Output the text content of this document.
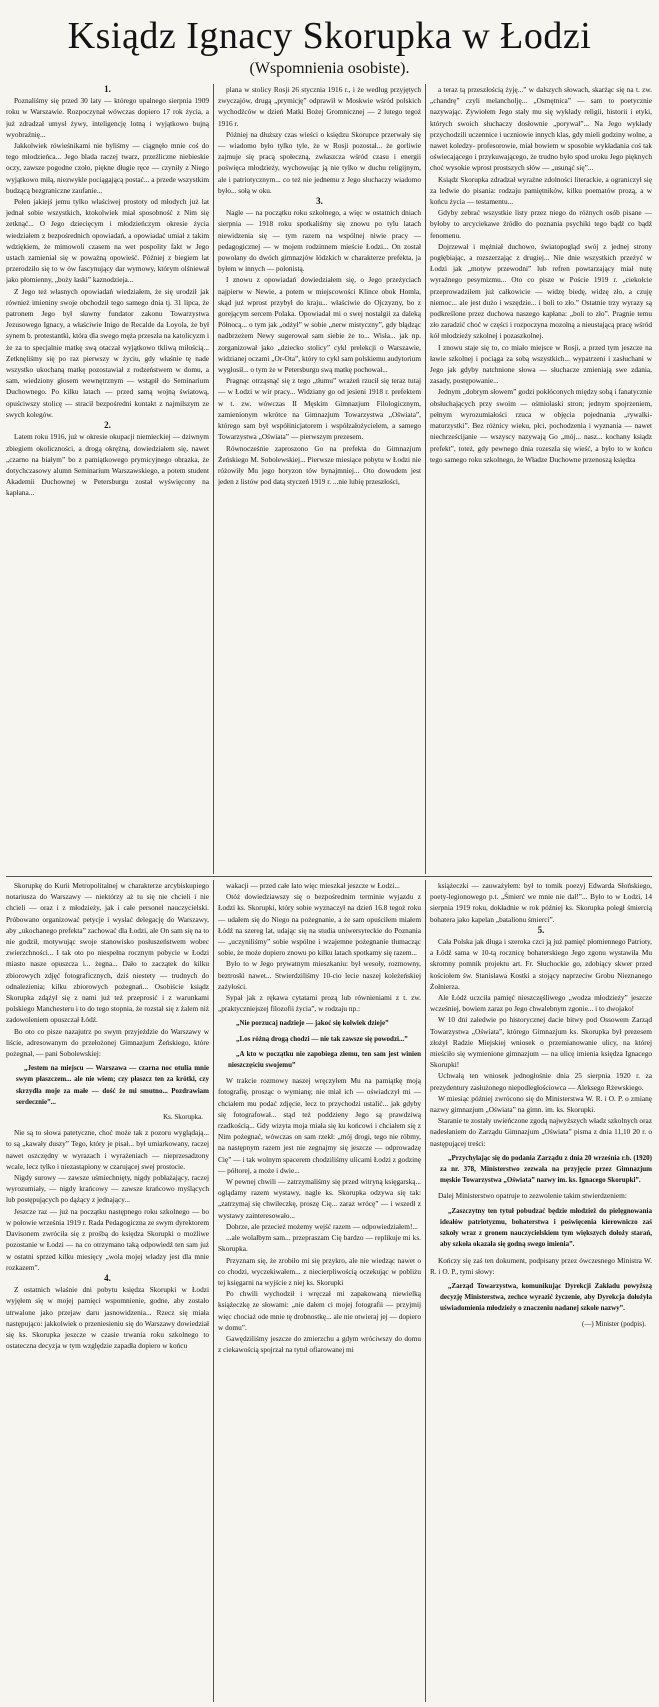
Ksiądz Ignacy Skorupka w Łodzi
(Wspomnienia osobiste).

1.

Poznaliśmy się przed 30 laty — którego upalnego sierpnia 1909 roku w Warszawie. Rozpoczynał wówczas dopiero 17 rok życia, a już zdradzał umysł żywy, inteligencję lotną i wyjątkowo bujną wyobraźnię...

Jakkolwiek rówieśnikami nie byliśmy — ciągnęło mnie coś do tego młodzieńca... Jego blada raczej twarz, przeźliczne niebieskie oczy, zawsze pogodne czoło, piękne długie ręce — czyniły z Niego wyjątkowo miłą, niezwykle pociągającą postać... a przede wszystkim budzącą bezgraniczne zaufanie...

Pełen jakiejś jemu tylko właściwej prostoty od młodych już lat jednał sobie wszystkich, ktokolwiek miał sposobność z Nim się zetknąć... O Jego dziecięcym i młodzieńczym okresie życia wiedziałem z bezpośrednich opowiadań, a opowiadać umiał z takim wdziękiem, że mimowoli czasem na wet pospolity fakt w Jego ustach zamieniał się w poważną opowieść. Później z biegiem lat przerodziło się to w ów fascynujący dar wymowy, którym olśniewał jako płomienny, „boży łaski” kaznodzieja...

Z Jego też własnych opowiadań wiedziałem, że się urodził jak również imieniny swoje obchodził tego samego dnia tj. 31 lipca, że patronem Jego był sławny fundator zakonu Towarzystwa Jezusowego Ignacy, a właściwie Inigo de Recalde da Loyola, że był synem b. protestantki, która dla swego męża przeszła na katolicyzm i że za to specjalnie matkę swą otaczał wyjątkowo tkliwą miłością... Zetknęliśmy się po raz pierwszy w życiu, gdy właśnie tę nade wszystko ukochaną matkę pozostawiał z rodzeństwem w domu, a sam, wiedziony głosem wewnętrznym — wstąpił do Seminarium Duchownego. Po kilku latach — przed samą wojną światową, opuściwszy stolicę — stracił bezpośredni kontakt z najmilszym ze swych kolegów.

2.

Latem roku 1916, już w okresie okupacji niemieckiej — dziwnym zbiegiem okoliczności, a drogą okrężną, dowiedziałem się, nawet „czarno na białym” bo z pamiątkowego prymicyjnego obrazka, że dotychczasowy alumn Seminarium Warszawskiego, a potem student Akademii Duchownej w Petersburgu został wyświęcony na kapłana...

plana w stolicy Rosji 26 stycznia 1916 r., i że według przyjętych zwyczajów, drugą „prymicję” odprawił w Moskwie wśród polskich wychodźców w dzień Matki Bożej Gromnicznej — 2 lutego tegoż 1916 r.

Później na dłuższy czas wieści o księdzu Skorupce przerwały się — wiadomo było tylko tyle, że w Rosji pozostał... że gorliwie zajmuje się pracą społeczną, zwłaszcza wśród czasu i energii poświęca młodzieży, wychowując ją nie tylko w duchu religijnym, ale i patriotycznym... co też nie jednemu z Jego słuchaczy wiadomo było... sołą w oku.

3.

Nagle — na początku roku szkolnego, a więc w ostatnich dniach sierpnia — 1918 roku spotkaliśmy się znowu po tylu latach niewidzenia się — tym razem na wspólnej niwie pracy — pedagogicznej — w mojem rodzinnem mieście Łodzi... On został powołany do dwóch gimnazjów łódzkich w charakterze prefekta, ja byłem w innych — polonistą.

I znowu z opowiadań dowiedziałem się, o Jego przeżyciach najpierw w Newie, a potem w miejscowości Klince obok Homla, skąd już wprost przybył do kraju... właściwie do Ojczyzny, bo z gorejącym sercem Polaka. Opowiadał mi o swej nostalgii za daleką Północą... o tym jak „odżył” w sobie „nerw mistyczny”, gdy błądząc nadbrzeżem Newy sugerował sam siebie że to... Wisła... jak np. zorganizował jako „dziecko stolicy” cykl prelekcji o Warszawie, widzianej oczami „Or-Ota”, który to cykl sam polskiemu audytorium wygłosił... o tym że w Petersburgu swą matkę pochował...

Pragnąc otrząsnąć się z tego „tłumu” wrażeń rzucił się teraz tutaj — w Łodzi w wir pracy... Widziany go od jesieni 1918 r. prefektem w t. zw. wówczas II Męskim Gimnazjum Filologicznym, zamienionym wkrótce na Gimnazjum Towarzystwa „Oświata”, którego sam był współinicjatorem i współzałożycielem, a samego Towarzystwa „Oświata” — pierwszym prezesem.

Równocześnie zaproszono Go na prefekta do Gimnazjum Żeńskiego M. Sobolewskiej... Pierwsze miesiące pobytu w Łodzi nie różowiły Mu jego horyzon tów bynajmniej... Oto dowodem jest jeden z listów pod datą styczeń 1919 r. ...nie lubię przeszłości,

a teraz tą przeszłością żyję...” w dalszych słowach, skarżąc się na t. zw. „chandrę” czyli melancholję... „Osmętnica” — sam to poetycznie nazywając. Zywiołem Jego stały mu się wykłady religii, historii i etyki, których swoich słuchaczy dosłownie „porywał”... Na Jego wykłady przychodzili uczennice i uczniowie innych klas, gdy mieli godziny wolne, a nawet koledzy- profesorowie, miał bowiem w sposobie wykładania coś tak oświecającego i przykuwającego, że trudno było spod uroku Jego pięknych choć wysokie wprost prostszych słów — „usunąć się”...

Ksiądz Skorupka zdradzał wyraźne zdolności literackie, a ograniczył się za ledwie do pisania: rodzaju pamiętników, kilku poematów prozą, a w końcu życia — testamentu...

Gdyby zebrać wszystkie listy przez niego do różnych osób pisane — byłoby to arcyciekawe źródło do poznania psychiki tego bądź co bądź fenomenu.

Dojrzewał i mężniał duchowo, światopogląd swój z jednej strony pogłębiając, a rozszerzając z drugiej... Nie dnie wszystkich przeżyć w Łodzi jak „motyw przewodni” lub refren powtarzający miał nutę wyraźnego pesymizmu... Oto co pisze w Poście 1919 r. „ciekołcie przeprowadziłem już całkowicie — widzę biedę, widzę zło, a czuję niemoc... ale jest dużo i wszędzie... i boli to zło.” Ostatnie trzy wyrazy są podkreślone przez duchowa naszego kapłana: „boli to zło”. Pragnie temu zło zaradzić choć w części i rozpoczyna mozolną a nieustającą pracę wśród kół młodzieży szkolnej i pozaszkolnej.

I znowu staje się to, co miało miejsce w Rosji, a przed tym jeszcze na ławie szkolnej i pociąga za sobą wszystkich... wypatrzeni i zasłuchani w Jego jak gdyby natchnione słowa — słuchacze zmieniają swe zdania, zasady, postępowanie...

Jednym „dobrym słowem” godzi pokłóconych między sobą i fanatycznie obsłuchających przy swoim — ośmiolaski stron; jednym spojrzeniem, pełnym wyrozumiałości rzuca w objęcia pojednania „rywalki- maturzystki”. Bez różnicy wieku, płci, pochodzenia i wyznania — nawet niechrześcijanie — wszyscy nazywają Go „mój... nasz... kochany ksiądz prefekt”, toteż, gdy pewnego dnia rozeszła się wieść, a było to w końcu tego samego roku szkolnego, że Władze Duchowne przenoszą księdza

Skorupkę do Kurii Metropolitalnej w charakterze arcybiskupiego notariusza do Warszawy — niektórzy aż tu się nie chcieli i nie chcieli — oraz i z młodzieży, jak i całe personel nauczycielski. Próbowano organizować petycje i wysłać delegację do Warszawy, aby „ukochanego prefekta” zachować dla Łodzi, ale On sam się na to nie godził, motywując swoje stanowisko posłuszeństwem wobec zwierzchności... I tak oto po niespełna rocznym pobycie w Łodzi miasto nasze opuszcza i... żegna... Dało to zaczątek do kilku zbiorowych zdjęć fotograficznych, dziś niestety — trudnych do odnalezienia; kilku zbiorowych pożegnań... Osobiście ksiądz Skorupka zdążył się z nami już też przeprosić i z warunkami polskiego Manchesteru i to do tego stopnia, że rozstał się z żalem niż zadowoleniem opuszczał Łódź.

Bo oto co pisze nazajutrz po swym przyjeździe do Warszawy w liście, adresowanym do przełożonej Gimnazjum Żeńskiego, które pożegnał, — pani Sobolewskiej:

„Jestem na miejscu — Warszawa — czarna noc otulia mnie swym płaszczem... ale nie wiem; czy płaszcz ten za krótki, czy skrzydła moje za małe — dość że mi smutno... Pozdrawiam serdecznie”...

Ks. Skorupka.

Nie są to słowa patetyczne, choć może tak z pozoru wyglądają... to są „kawały duszy” Tego, który je pisał... był umiarkowany, raczej nawet oszczędny w wyrazach i wyrażeniach — nieprzesadzony wcale, lecz tylko i niezastąpiony w czarującej swej prostocie.

Nigdy surowy — zawsze uśmiechnięty, nigdy pobłażający, raczej wyrozumiały, — nigdy krańcowy — zawsze krańcowo myślących lub postępujących po dążący z jednający...

Jeszcze raz — już na początku następnego roku szkolnego — bo w połowie września 1919 r. Rada Pedagogiczna ze swym dyrektorem Davisonem zwróciła się z prośbą do księdza Skorupki o możliwe pozostanie w Łodzi — na co otrzymano taką odpowiedź ten sam już w ostatni sprzed kilku miesięcy „wola mojej władzy jest dla mnie rozkazem”.

4.

Z ostatnich właśnie dni pobytu księdza Skorupki w Łodzi wyjęłem się w mojej pamięci wspomnienie, godne, aby zostało utrwalone jako przejaw daru jasnowidzenia... Rzecz się miała następująco: jakkolwiek o przeniesieniu się do Warszawy dowiedział się ks. Skorupka jeszcze w czasie trwania roku szkolnego to ostateczna decyzja w tym względzie zapadła dopiero w końcu

wakacji — przed całe lato więc mieszkał jeszcze w Łodzi...

Otóż dowiedziawszy się o bezpośrednim terminie wyjazdu z Łodzi ks. Skorupki, który sobie wyznaczył na dzień 16.8 tegoż roku — udałem się do Niego na pożegnanie, a że sam opuściłem miałem Łódź na szereg lat, udając się na studia uniwersyteckie do Poznania — „uczyniliśmy” sobie wspólne i wzajemne pożegnanie tłumacząc sobie, że może dopiero znowu po kilku latach spotkamy się razem...

Było to w Jego prywatnym mieszkaniu: był wesoły, rozmowny, beztroski nawet... Stwierdziliśmy 10-cio lecie naszej koleżeńskiej zażyłości.

Sypał jak z rękawa cytatami prozą lub równieniami z t. zw. „praktyczniejszej filozofii życia”, w rodzaju np.:

„Nie porzucaj nadzieje — jakoć się kolwiek dzieje”

„Los różną drogą chodzi — nie tak zawsze się powodzi...”

„A kto w początku nie zapobiega złemu, ten sam jest winien nieszczęściu swojemu”

W trakcie rozmowy naszej wręczyłem Mu na pamiątkę moją fotografię, prosząc o wymianę; nie miał ich — oświadczył mi — chciałem mu podać zdjęcie, lecz to przychodzi ustalić... jak gdyby się fotografował... stąd też poddzieny Jego są prawdziwą rzadkością... Gdy wizyta moja miała się ku końcowi i chciałem się z Nim pożegnać, wówczas on sam rzekł: „mój drogi, tego nie róbmy, na następnym razem jest nie zegnajmy się jeszcze — odprowadzę Cię” — i tak wolnym spacerem chodziliśmy ulicami Łodzi z godzinę — półtorej, a może i dwie...

W pewnej chwili — zatrzymaliśmy się przed witryną księgarską... oglądamy razem wystawy, nagle ks. Skorupka odzywa się tak: „zatrzymaj się chwileczkę, proszę Cię... zaraz wrócę” — i wszedł z wystawy zainteresowało...

Dobrze, ale przecież możemy wejść razem — odpowiedziałem!...

...ale wolałbym sam... przepraszam Cię bardzo — replikuje mi ks. Skorupka.

Przyznam się, że zrobiło mi się przykro, ale nie wiedząc nawet o co chodzi, wyczekiwałem... z niecierpliwością oczekując w pobliżu tej księgarni na wyjście z niej ks. Skorupki

Po chwili wychodził i wręczał mi zapakowaną niewielką książeczkę ze słowami: „nie dałem ci mojej fotografii — przyjmij więc chociaż ode mnie tę drobnostkę... ale nie otwieraj jej — dopiero w domu”.

Gawędziliśmy jeszcze do zmierzchu a gdym wróciwszy do domu z ciekawością spojrzał na tytuł ofiarowanej mi

książeczki — zauważyłem: był to tomik poezyj Edwarda Słońskiego, poety-legionowego p.t. „Śmierć we mnie nie dał!”... Było to w Łodzi, 14 sierpnia 1919 roku, dokładnie w rok później ks. Skorupka poległ śmiercią bohatera jako kapelan „batalionu śmierci”.

5.

Cała Polska jak długa i szeroka czci ją już pamięć płomiennego Patrioty, a Łódź sama w 10-tą rocznicę bohaterskiego Jego zgonu wystawiła Mu skromny pomnik projektu art. Fr. Słuchockie go, zdobiący skwer przed kościołem św. Stanisława Kostki a stojący naprzeciw Grobu Nieznanego Żołnierza.

Ale Łódź uczciła pamięć nieszczęśliwego „wodza młodzieży” jeszcze wcześniej, bowiem zaraz po Jego chwalebnym zgonie... i to dwojako!

W 10 dni zaledwie po historycznej dacie bitwy pod Ossowem Zarząd Towarzystwa „Oświata”, którego Gimnazjum ks. Skorupka był prezesem złożył Radzie Miejskiej wniosek o przemianowanie ulicy, na której mieściło się wymienione gimnazjum — na ulicę imienia księdza Ignacego Skorupki!

Uchwałą ten wniosek jednogłośnie dnia 25 sierpnia 1920 r. za prezydentury zasłużonego niepodległościowca — Aleksego Rżewskiego.

W miesiąc później zwrócono się do Ministerstwa W. R. i O. P. o zmianę nazwy gimnazjum „Oświata” na gimn. im. ks. Skorupki.

Staranie te zostały uwieńczone zgodą najwyższych władz szkolnych oraz nadesłaniem do Zarządu Gimnazjum „Oświata” pisma z dnia 11,10 20 r. o następującej treści:

„Przychylając się do podania Zarządu z dnia 20 września r.b. (1920) za nr. 378, Ministerstwo zezwala na przyjęcie przez Gimnazjum męskie Towarzystwa „Oświata” nazwy im. ks. Ignacego Skorupki”.

Dalej Ministerstwo opatruje to zezwolenie takim stwierdzeniem:

„Zaszczytny ten tytuł pobudzać będzie młodzież do pielęgnowania ideałów patriotyzmu, bohaterstwa i poświęcenia kierowniczo zaś szkoły wraz z gronem nauczycielskiem tym większych dołoży starań, aby szkoła okazała się godną swego imienia”.

Kończy się zaś ten dokument, podpisany przez ówczesnego Ministra W. R. i O. P., tymi słowy:

„Zarząd Towarzystwa, komunikując Dyrekcji Zakładu powyższą decyzję Ministerstwa, zechce wyrazić życzenie, aby Dyrekcja dołożyła uświadomienia młodzieży o znaczeniu nadanej szkole nazwy”.

(—) Minister (podpis).
